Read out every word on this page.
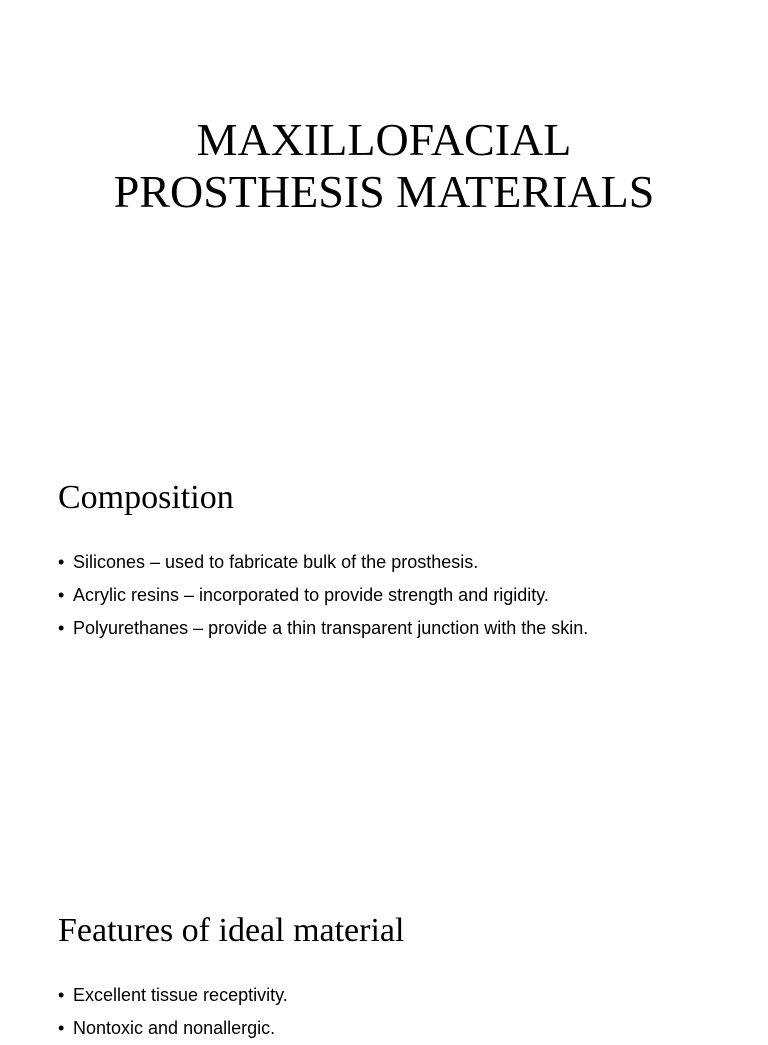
MAXILLOFACIAL
PROSTHESIS MATERIALS
Composition
• Silicones – used to fabricate bulk of the prosthesis.
• Acrylic resins – incorporated to provide strength and rigidity.
• Polyurethanes – provide a thin transparent junction with the skin.
Features of ideal material
• Excellent tissue receptivity.
• Nontoxic and nonallergic.
